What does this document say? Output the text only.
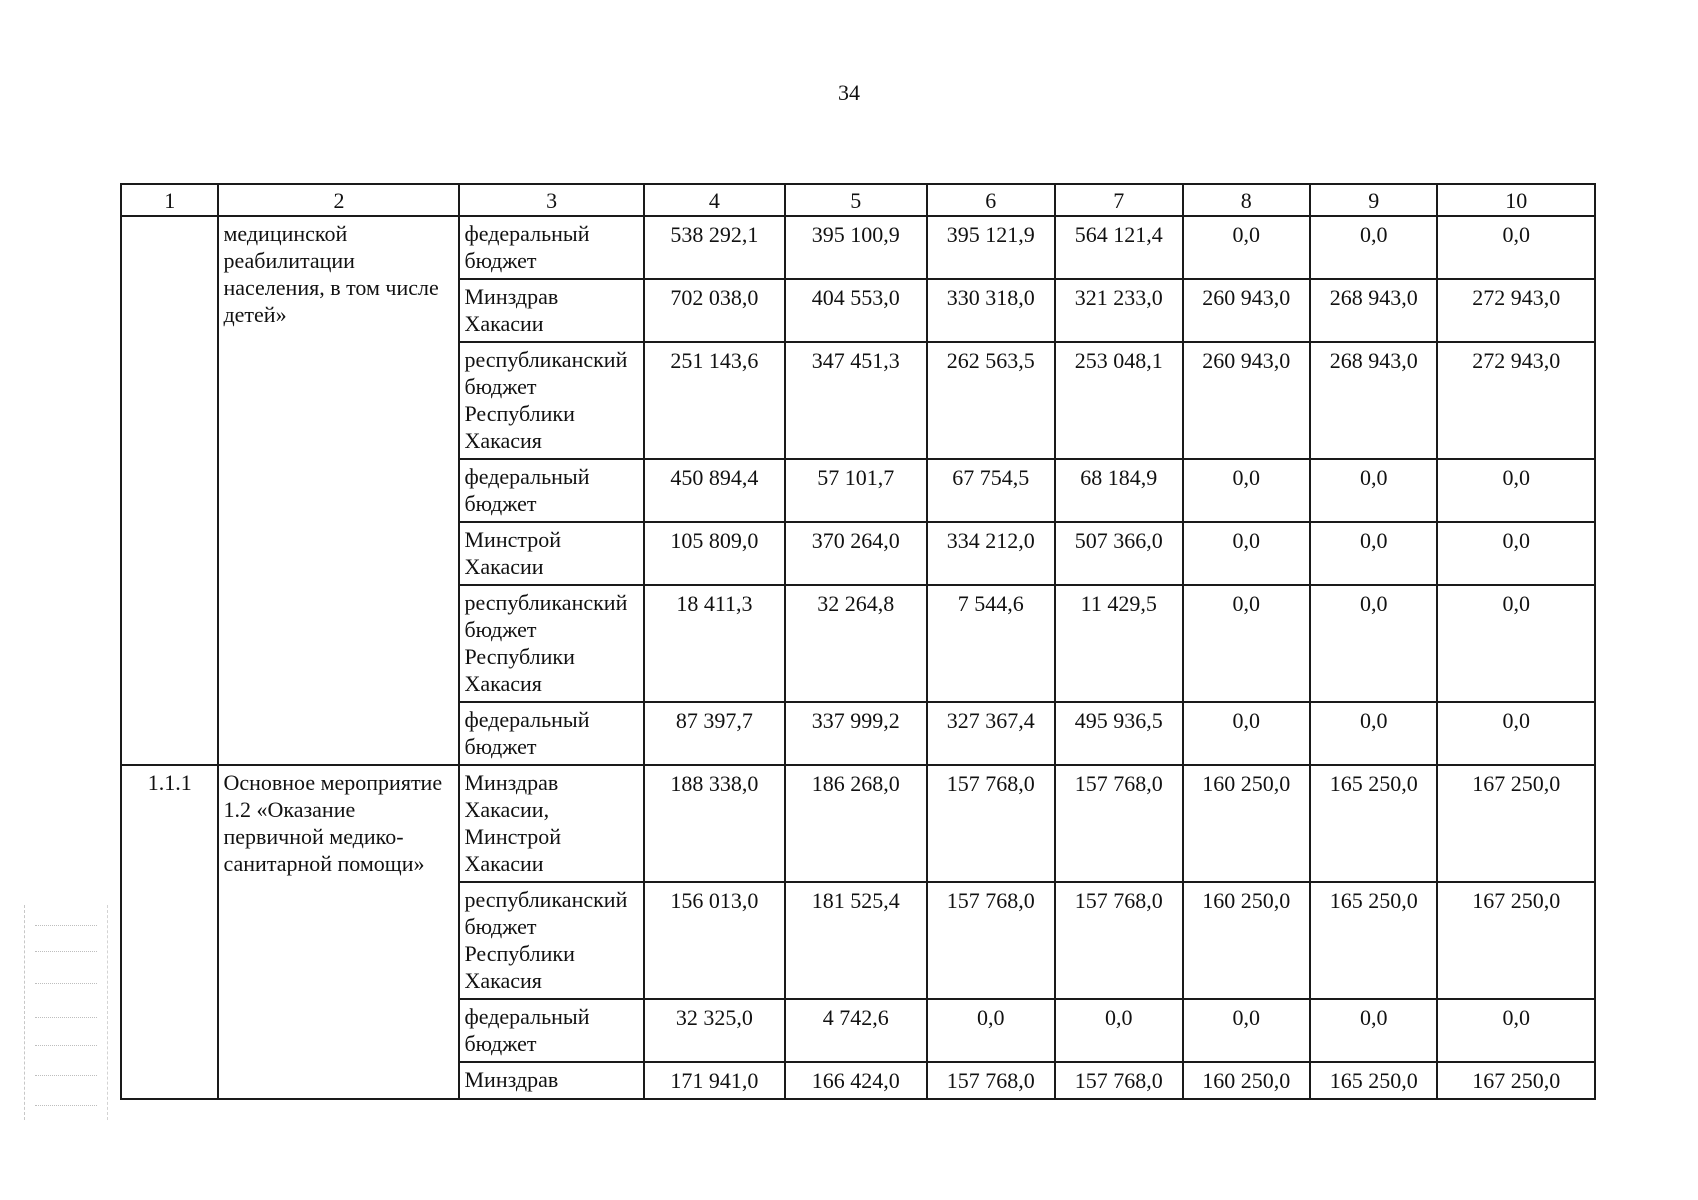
34
1	2	3	4	5	6	7	8	9	10
	медицинской реабилитации населения, в том числе детей»	федеральный бюджет	538 292,1	395 100,9	395 121,9	564 121,4	0,0	0,0	0,0
		Минздрав Хакасии	702 038,0	404 553,0	330 318,0	321 233,0	260 943,0	268 943,0	272 943,0
		республиканский бюджет Республики Хакасия	251 143,6	347 451,3	262 563,5	253 048,1	260 943,0	268 943,0	272 943,0
		федеральный бюджет	450 894,4	57 101,7	67 754,5	68 184,9	0,0	0,0	0,0
		Минстрой Хакасии	105 809,0	370 264,0	334 212,0	507 366,0	0,0	0,0	0,0
		республиканский бюджет Республики Хакасия	18 411,3	32 264,8	7 544,6	11 429,5	0,0	0,0	0,0
		федеральный бюджет	87 397,7	337 999,2	327 367,4	495 936,5	0,0	0,0	0,0
1.1.1	Основное мероприятие 1.2 «Оказание первичной медико-санитарной помощи»	Минздрав Хакасии, Минстрой Хакасии	188 338,0	186 268,0	157 768,0	157 768,0	160 250,0	165 250,0	167 250,0
		республиканский бюджет Республики Хакасия	156 013,0	181 525,4	157 768,0	157 768,0	160 250,0	165 250,0	167 250,0
		федеральный бюджет	32 325,0	4 742,6	0,0	0,0	0,0	0,0	0,0
		Минздрав	171 941,0	166 424,0	157 768,0	157 768,0	160 250,0	165 250,0	167 250,0
